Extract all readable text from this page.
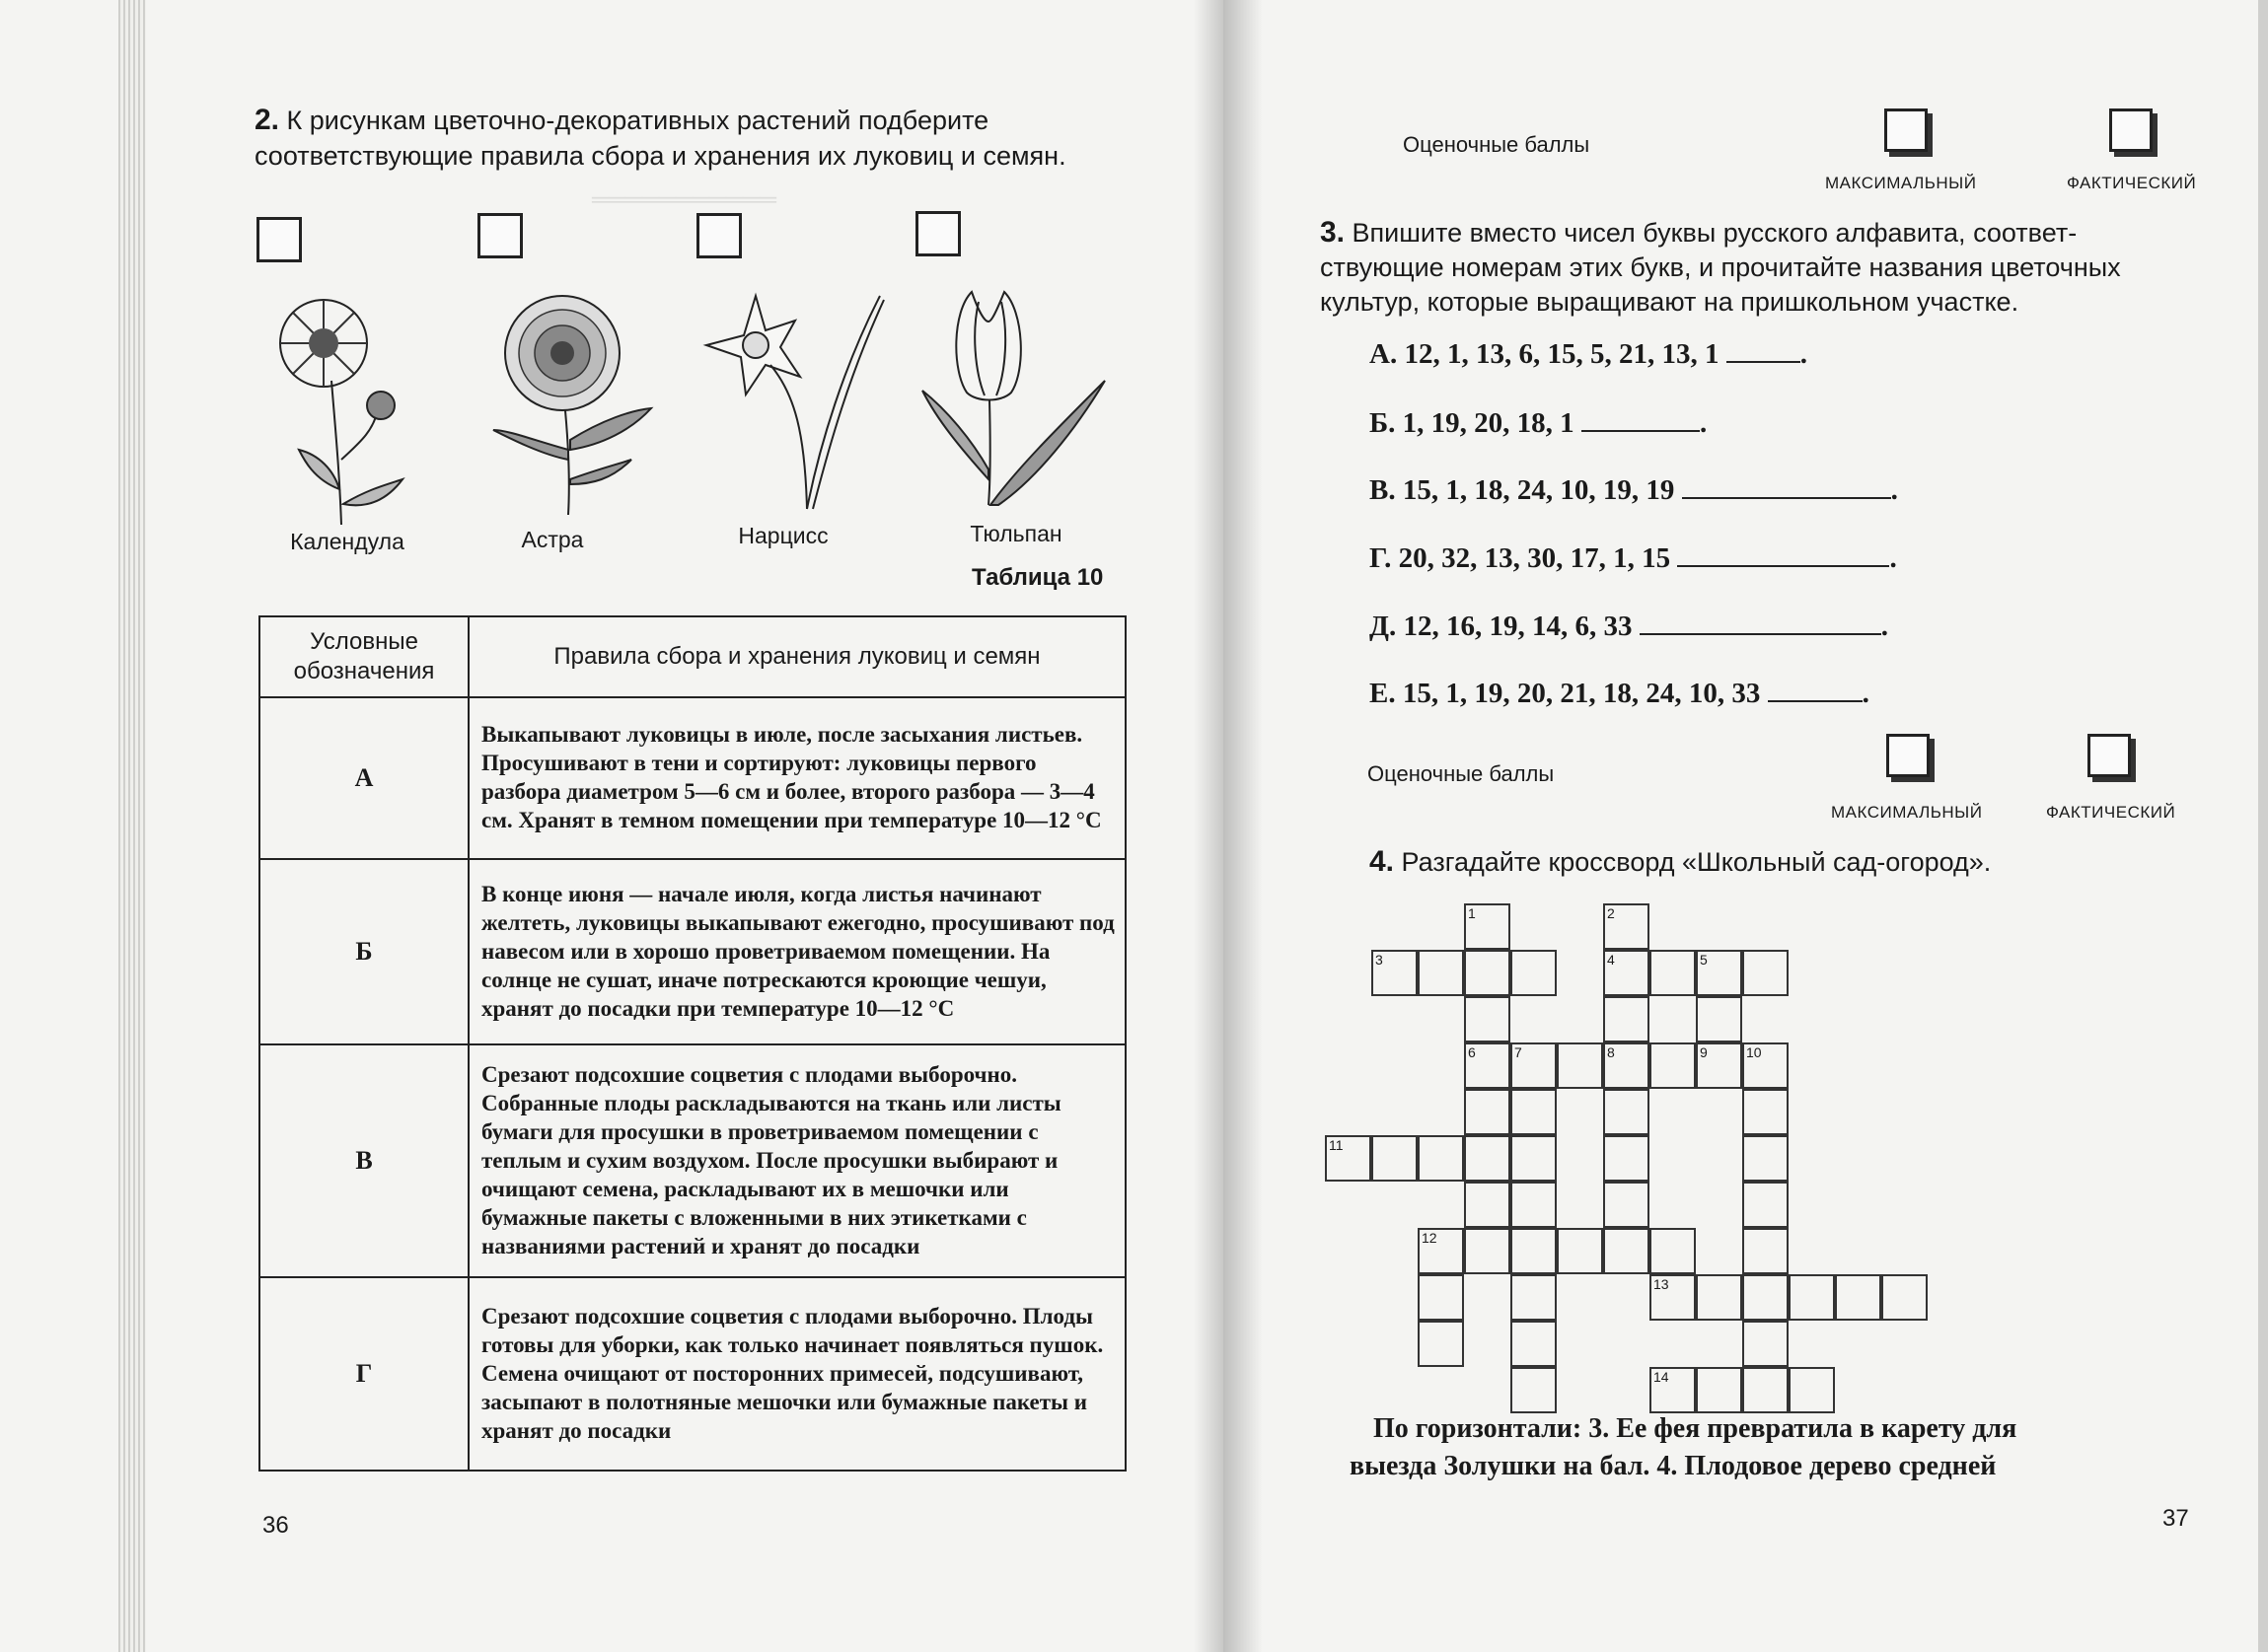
═══════════
2. К рисункам цветочно-декоративных растений подберите
соответствующие правила сбора и хранения их луковиц и семян.
Календула	Астра	Нарцисс	Тюльпан
Таблица 10
Условные обозначения	Правила сбора и хранения луковиц и семян
А	Выкапывают луковицы в июле, после засыхания листьев. Просушивают в тени и сортируют: луковицы первого разбора диаметром 5—6 см и более, второго разбора — 3—4 см. Хранят в темном помещении при температуре 10—12 °С
Б	В конце июня — начале июля, когда листья начинают желтеть, луковицы выкапывают ежегодно, просушивают под навесом или в хорошо проветриваемом помещении. На солнце не сушат, иначе потрескаются кроющие чешуи, хранят до посадки при температуре 10—12 °С
В	Срезают подсохшие соцветия с плодами выборочно. Собранные плоды раскладываются на ткань или листы бумаги для просушки в проветриваемом помещении с теплым и сухим воздухом. После просушки выбирают и очищают семена, раскладывают их в мешочки или бумажные пакеты с вложенными в них этикетками с названиями растений и хранят до посадки
Г	Срезают подсохшие соцветия с плодами выборочно. Плоды готовы для уборки, как только начинает появляться пушок. Семена очищают от посторонних примесей, подсушивают, засыпают в полотняные мешочки или бумажные пакеты и хранят до посадки
36
Оценочные баллы
МАКСИМАЛЬНЫЙ	ФАКТИЧЕСКИЙ
3. Впишите вместо чисел буквы русского алфавита, соответ-
ствующие номерам этих букв, и прочитайте названия цветочных
культур, которые выращивают на пришкольном участке.
А. 12, 1, 13, 6, 15, 5, 21, 13, 1	.
Б. 1, 19, 20, 18, 1	.
В. 15, 1, 18, 24, 10, 19, 19	.
Г. 20, 32, 13, 30, 17, 1, 15	.
Д. 12, 16, 19, 14, 6, 33	.
Е. 15, 1, 19, 20, 21, 18, 24, 10, 33	.
Оценочные баллы
МАКСИМАЛЬНЫЙ	ФАКТИЧЕСКИЙ
4. Разгадайте кроссворд «Школьный сад-огород».
1	2
3	4	5
6	7	8	9	10
11
12
13
14
По горизонтали: 3. Ее фея превратила в карету для
выезда Золушки на бал. 4. Плодовое дерево средней
37
